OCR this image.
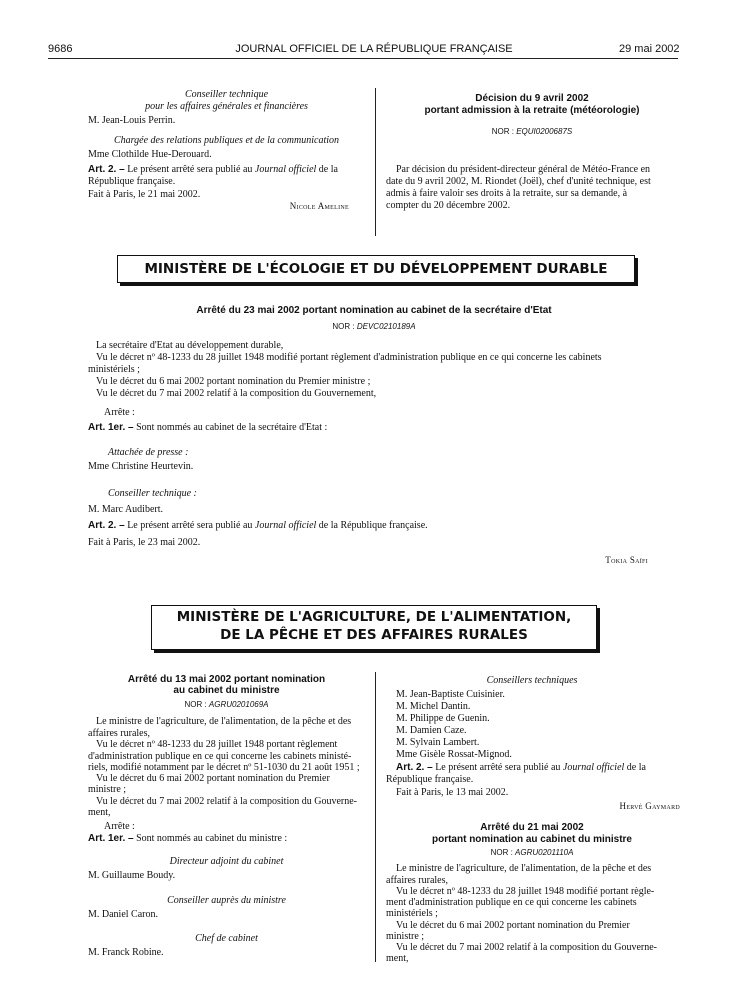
9686	JOURNAL OFFICIEL DE LA RÉPUBLIQUE FRANÇAISE	29 mai 2002
Conseiller technique
pour les affaires générales et financières
M. Jean-Louis Perrin.
Chargée des relations publiques et de la communication
Mme Clothilde Hue-Derouard.
Art. 2. – Le présent arrêté sera publié au Journal officiel de la
République française.
Fait à Paris, le 21 mai 2002.
Nicole Ameline
Décision du 9 avril 2002
portant admission à la retraite (météorologie)
NOR : EQUI0200687S
Par décision du président-directeur général de Météo-France en
date du 9 avril 2002, M. Riondet (Joël), chef d'unité technique, est
admis à faire valoir ses droits à la retraite, sur sa demande, à
compter du 20 décembre 2002.
MINISTÈRE DE L'ÉCOLOGIE ET DU DÉVELOPPEMENT DURABLE
Arrêté du 23 mai 2002 portant nomination au cabinet de la secrétaire d'Etat
NOR : DEVC0210189A
La secrétaire d'Etat au développement durable,
Vu le décret nº 48-1233 du 28 juillet 1948 modifié portant règlement d'administration publique en ce qui concerne les cabinets
ministériels ;
Vu le décret du 6 mai 2002 portant nomination du Premier ministre ;
Vu le décret du 7 mai 2002 relatif à la composition du Gouvernement,
Arrête :
Art. 1er. – Sont nommés au cabinet de la secrétaire d'Etat :
Attachée de presse :
Mme Christine Heurtevin.
Conseiller technique :
M. Marc Audibert.
Art. 2. – Le présent arrêté sera publié au Journal officiel de la République française.
Fait à Paris, le 23 mai 2002.
Tokia Saïfi
MINISTÈRE DE L'AGRICULTURE, DE L'ALIMENTATION,
DE LA PÊCHE ET DES AFFAIRES RURALES
Arrêté du 13 mai 2002 portant nomination
au cabinet du ministre
NOR : AGRU0201069A
Le ministre de l'agriculture, de l'alimentation, de la pêche et des
affaires rurales,
Vu le décret nº 48-1233 du 28 juillet 1948 portant règlement
d'administration publique en ce qui concerne les cabinets ministé-
riels, modifié notamment par le décret nº 51-1030 du 21 août 1951 ;
Vu le décret du 6 mai 2002 portant nomination du Premier
ministre ;
Vu le décret du 7 mai 2002 relatif à la composition du Gouverne-
ment,
Arrête :
Art. 1er. – Sont nommés au cabinet du ministre :
Directeur adjoint du cabinet
M. Guillaume Boudy.
Conseiller auprès du ministre
M. Daniel Caron.
Chef de cabinet
M. Franck Robine.
Conseillers techniques
M. Jean-Baptiste Cuisinier.
M. Michel Dantin.
M. Philippe de Guenin.
M. Damien Caze.
M. Sylvain Lambert.
Mme Gisèle Rossat-Mignod.
Art. 2. – Le présent arrêté sera publié au Journal officiel de la
République française.
Fait à Paris, le 13 mai 2002.
Hervé Gaymard
Arrêté du 21 mai 2002
portant nomination au cabinet du ministre
NOR : AGRU0201110A
Le ministre de l'agriculture, de l'alimentation, de la pêche et des
affaires rurales,
Vu le décret nº 48-1233 du 28 juillet 1948 modifié portant règle-
ment d'administration publique en ce qui concerne les cabinets
ministériels ;
Vu le décret du 6 mai 2002 portant nomination du Premier
ministre ;
Vu le décret du 7 mai 2002 relatif à la composition du Gouverne-
ment,
